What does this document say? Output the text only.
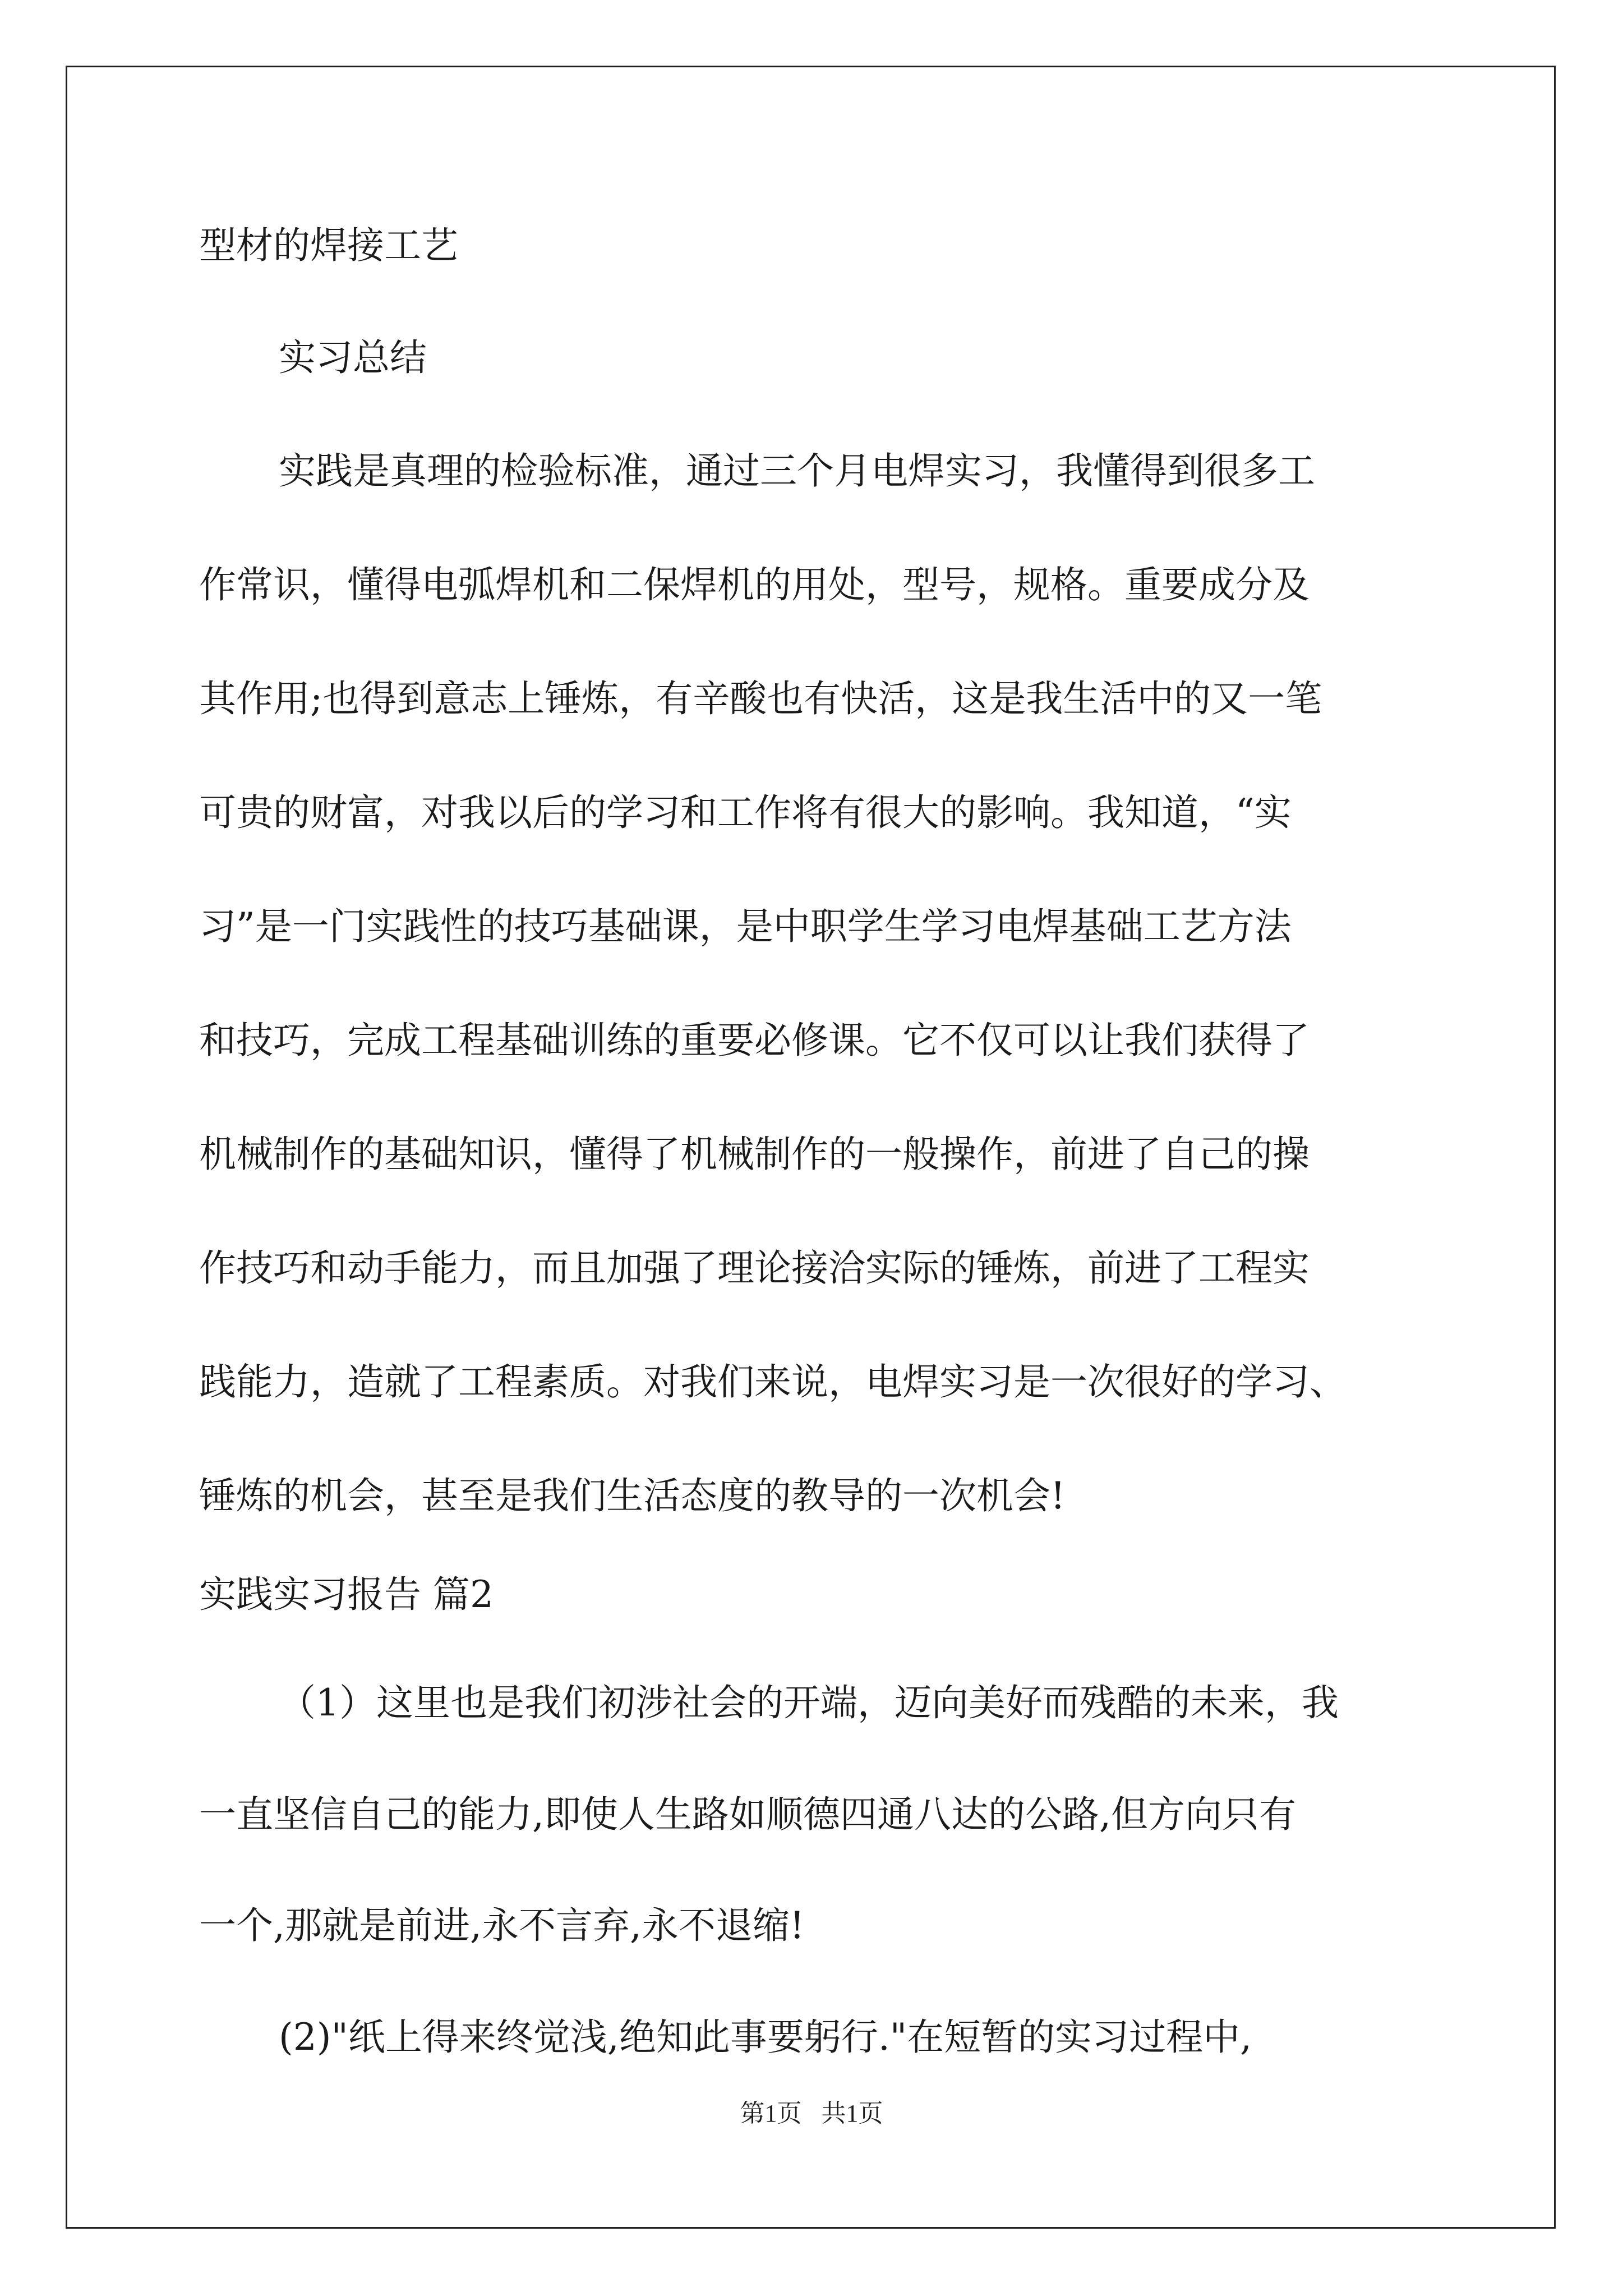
型材的焊接工艺
实习总结
实践是真理的检验标准，通过三个月电焊实习，我懂得到很多工
作常识，懂得电弧焊机和二保焊机的用处，型号，规格。重要成分及
其作用;也得到意志上锤炼，有辛酸也有快活，这是我生活中的又一笔
可贵的财富，对我以后的学习和工作将有很大的影响。我知道，“实
习”是一门实践性的技巧基础课，是中职学生学习电焊基础工艺方法
和技巧，完成工程基础训练的重要必修课。它不仅可以让我们获得了
机械制作的基础知识，懂得了机械制作的一般操作，前进了自己的操
作技巧和动手能力，而且加强了理论接洽实际的锤炼，前进了工程实
践能力，造就了工程素质。对我们来说，电焊实习是一次很好的学习、
锤炼的机会，甚至是我们生活态度的教导的一次机会!
实践实习报告 篇2
（1）这里也是我们初涉社会的开端，迈向美好而残酷的未来，我
一直坚信自己的能力,即使人生路如顺德四通八达的公路,但方向只有
一个,那就是前进,永不言弃,永不退缩!
(2)"纸上得来终觉浅,绝知此事要躬行."在短暂的实习过程中,
第1页 共1页
